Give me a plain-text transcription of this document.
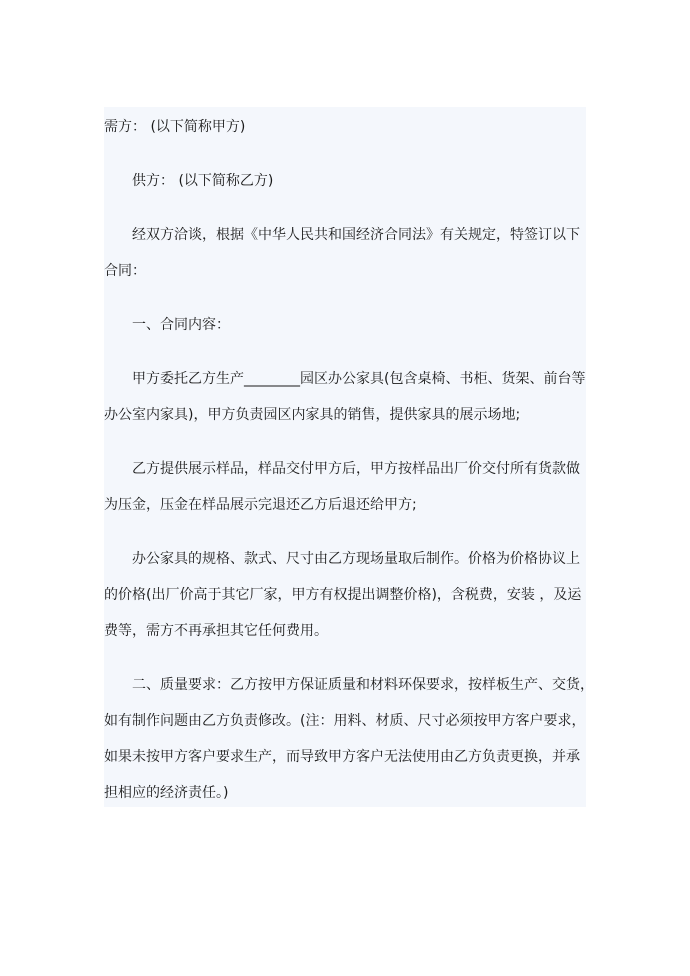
需方： (以下简称甲方)

供方： (以下简称乙方)

经双方洽谈，根据《中华人民共和国经济合同法》有关规定，特签订以下
合同：

一、合同内容：

甲方委托乙方生产________园区办公家具(包含桌椅、书柜、货架、前台等
办公室内家具)，甲方负责园区内家具的销售，提供家具的展示场地;

乙方提供展示样品，样品交付甲方后，甲方按样品出厂价交付所有货款做
为压金，压金在样品展示完退还乙方后退还给甲方;

办公家具的规格、款式、尺寸由乙方现场量取后制作。价格为价格协议上
的价格(出厂价高于其它厂家，甲方有权提出调整价格)，含税费，安装 ，及运
费等，需方不再承担其它任何费用。

二、质量要求：乙方按甲方保证质量和材料环保要求，按样板生产、交货，
如有制作问题由乙方负责修改。(注：用料、材质、尺寸必须按甲方客户要求，
如果未按甲方客户要求生产，而导致甲方客户无法使用由乙方负责更换，并承
担相应的经济责任。)
